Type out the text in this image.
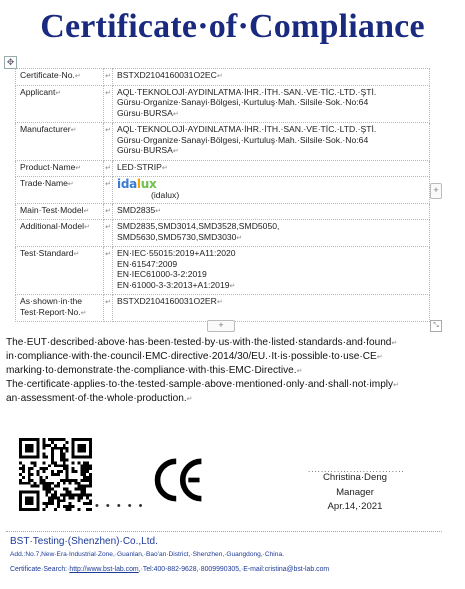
Certificate·of·Compliance
✥
Certificate·No.↵	↵	BSTXD2104160031O2EC↵

Applicant↵	↵	AQL·TEKNOLOJİ·AYDINLATMA·İHR.·İTH.·SAN.·VE·TİC.·LTD.·ŞTİ.
Gürsu·Organize·Sanayi·Bölgesi,·Kurtuluş·Mah.·Silsile·Sok.·No:64
Gürsu·BURSA↵

Manufacturer↵	↵	AQL·TEKNOLOJİ·AYDINLATMA·İHR.·İTH.·SAN.·VE·TİC.·LTD.·ŞTİ.
Gürsu·Organize·Sanayi·Bölgesi,·Kurtuluş·Mah.·Silsile·Sok.·No:64
Gürsu·BURSA↵

Product·Name↵	↵	LED·STRIP↵

Trade·Name↵	↵	idalux
(idalux)

Main·Test·Model↵	↵	SMD2835↵

Additional·Model↵	↵	SMD2835,SMD3014,SMD3528,SMD5050,
SMD5630,SMD5730,SMD3030↵

Test·Standard↵	↵	EN·IEC·55015:2019+A11:2020
EN·61547:2009
EN·IEC61000-3-2:2019
EN·61000-3-3:2013+A1:2019↵

As·shown·in·the Test·Report·No.↵	↵	BSTXD2104160031O2ER↵
+
+	⤡
The·EUT·described·above·has·been·tested·by·us·with·the·listed·standards·and·found↵
in·compliance·with·the·council·EMC·directive·2014/30/EU.·It·is·possible·to·use·CE↵
marking·to·demonstrate·the·compliance·with·this·EMC·Directive.↵
The·certificate·applies·to·the·tested·sample·above·mentioned·only·and·shall·not·imply↵
an·assessment·of·the·whole·production.↵
• • • • •
..............................
Christina·Deng
Manager
Apr.14,·2021
BST·Testing·(Shenzhen)·Co.,Ltd.
Add.:No.7,New·Era·Industrial·Zone,·Guanlan,·Bao'an·District,·Shenzhen,·Guangdong,·China.
Certificate·Search:·http://www.bst-lab.com,·Tel:400-882-9628,·8009990305,·E-mail:cristina@bst-lab.com
